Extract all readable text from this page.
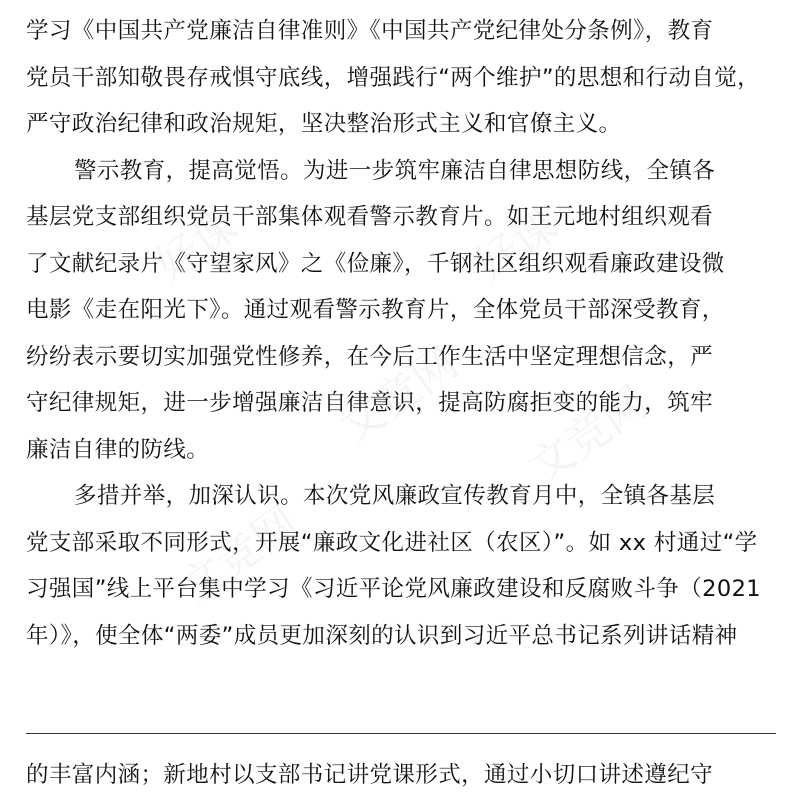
好课	好课
文竞网 文竞网
文竞网
学习《中国共产党廉洁自律准则》《中国共产党纪律处分条例》，教育
党员干部知敬畏存戒惧守底线，增强践行“两个维护”的思想和行动自觉，
严守政治纪律和政治规矩，坚决整治形式主义和官僚主义。
警示教育，提高觉悟。为进一步筑牢廉洁自律思想防线，全镇各
基层党支部组织党员干部集体观看警示教育片。如王元地村组织观看
了文献纪录片《守望家风》之《俭廉》，千钢社区组织观看廉政建设微
电影《走在阳光下》。通过观看警示教育片，全体党员干部深受教育，
纷纷表示要切实加强党性修养，在今后工作生活中坚定理想信念，严
守纪律规矩，进一步增强廉洁自律意识，提高防腐拒变的能力，筑牢
廉洁自律的防线。
多措并举，加深认识。本次党风廉政宣传教育月中，全镇各基层
党支部采取不同形式，开展“廉政文化进社区（农区）”。如 xx 村通过“学
习强国”线上平台集中学习《习近平论党风廉政建设和反腐败斗争（2021
年）》，使全体“两委”成员更加深刻的认识到习近平总书记系列讲话精神
的丰富内涵；新地村以支部书记讲党课形式，通过小切口讲述遵纪守
